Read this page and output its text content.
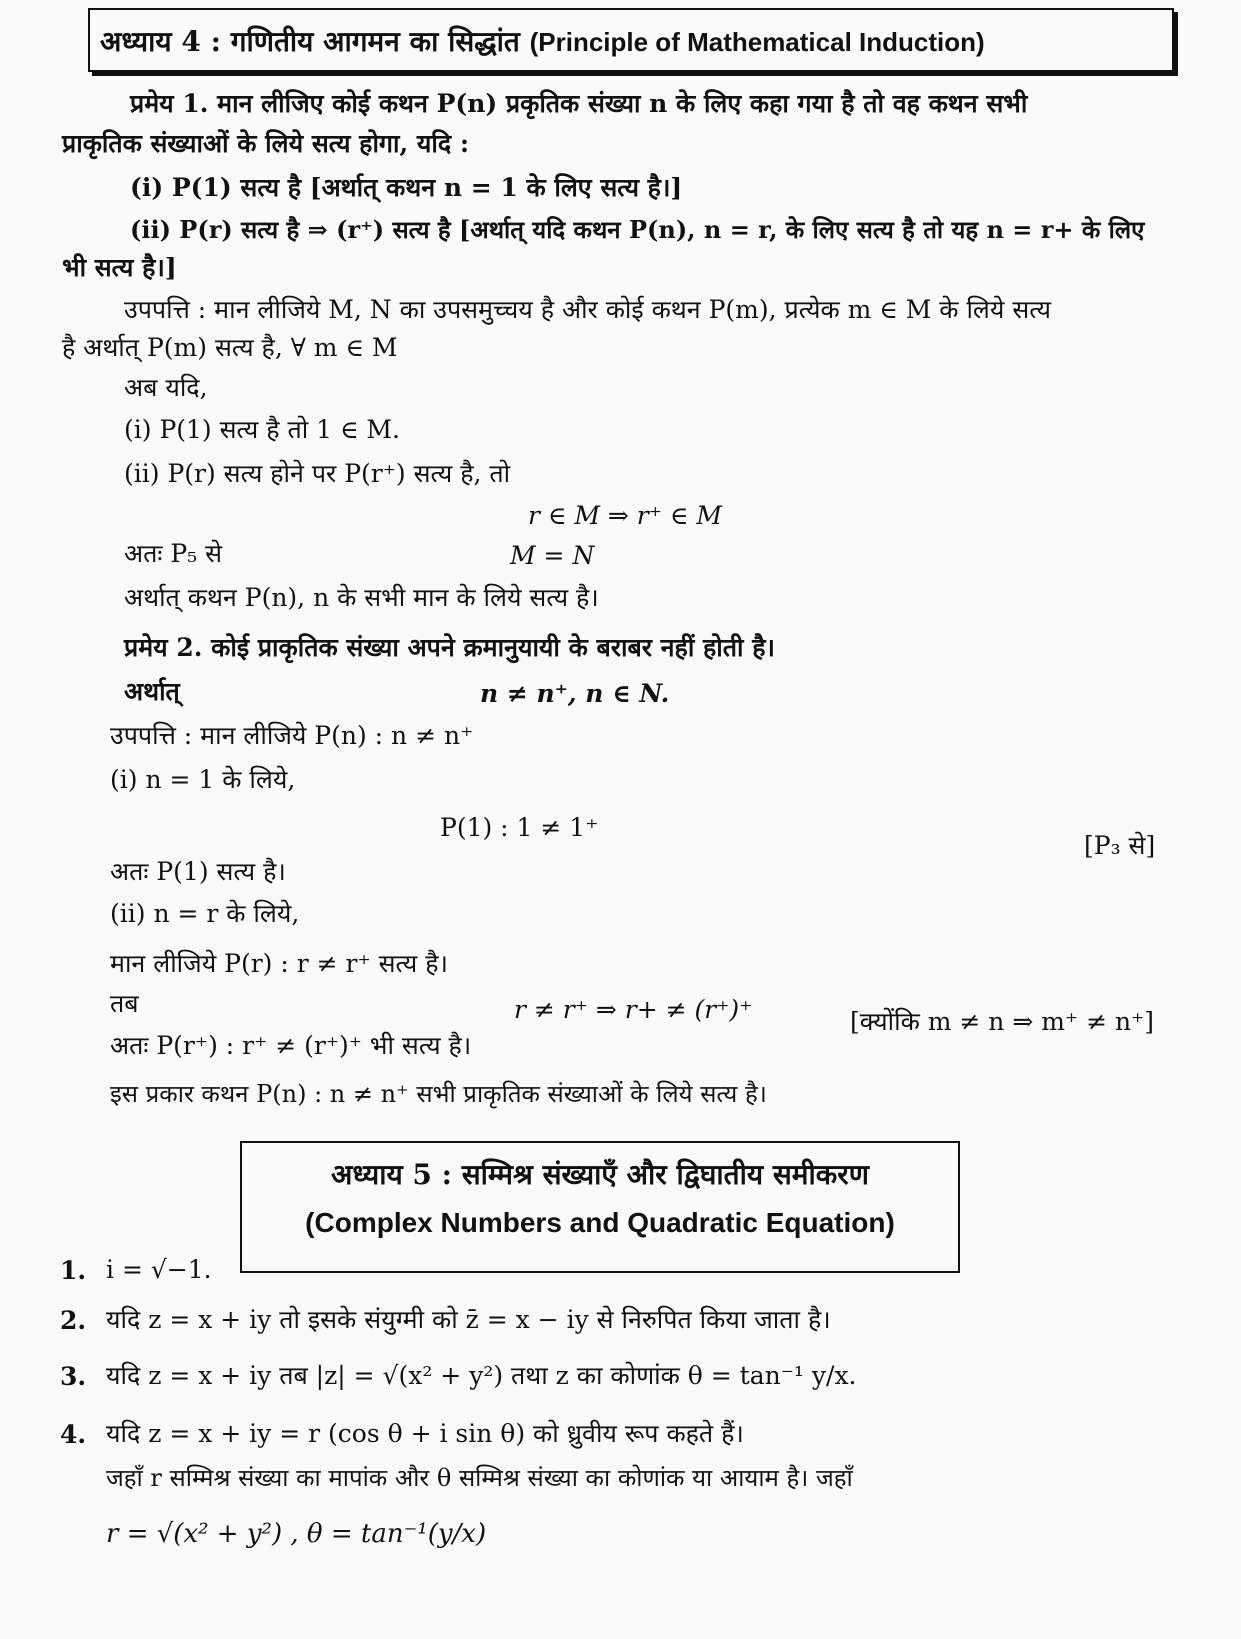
अध्याय 4 : गणितीय आगमन का सिद्धांत (Principle of Mathematical Induction)
प्रमेय 1. मान लीजिए कोई कथन P(n) प्रकृतिक संख्या n के लिए कहा गया है तो वह कथन सभी
प्राकृतिक संख्याओं के लिये सत्य होगा, यदि :
(i) P(1) सत्य है [अर्थात् कथन n = 1 के लिए सत्य है।]
(ii) P(r) सत्य है ⇒ (r⁺) सत्य है [अर्थात् यदि कथन P(n), n = r, के लिए सत्य है तो यह n = r+ के लिए
भी सत्य है।]
उपपत्ति : मान लीजिये M, N का उपसमुच्चय है और कोई कथन P(m), प्रत्येक m ∈ M के लिये सत्य
है अर्थात् P(m) सत्य है, ∀ m ∈ M
अब यदि,
(i) P(1) सत्य है तो 1 ∈ M.
(ii) P(r) सत्य होने पर P(r⁺) सत्य है, तो
r ∈ M ⇒ r⁺ ∈ M
अतः P₅ से	M = N
अर्थात् कथन P(n), n के सभी मान के लिये सत्य है।
प्रमेय 2. कोई प्राकृतिक संख्या अपने क्रमानुयायी के बराबर नहीं होती है।
अर्थात्	n ≠ n⁺, n ∈ N.
उपपत्ति : मान लीजिये P(n) : n ≠ n⁺
(i) n = 1 के लिये,
P(1) : 1 ≠ 1⁺
[P₃ से]
अतः P(1) सत्य है।
(ii) n = r के लिये,
मान लीजिये P(r) : r ≠ r⁺ सत्य है।
तब	r ≠ r⁺ ⇒ r+ ≠ (r⁺)⁺	[क्योंकि m ≠ n ⇒ m⁺ ≠ n⁺]
अतः P(r⁺) : r⁺ ≠ (r⁺)⁺ भी सत्य है।
इस प्रकार कथन P(n) : n ≠ n⁺ सभी प्राकृतिक संख्याओं के लिये सत्य है।
अध्याय 5 : सम्मिश्र संख्याएँ और द्विघातीय समीकरण
(Complex Numbers and Quadratic Equation)
1. i = √−1.
2. यदि z = x + iy तो इसके संयुग्मी को z̄ = x − iy से निरुपित किया जाता है।
3. यदि z = x + iy तब |z| = √(x² + y²) तथा z का कोणांक θ = tan⁻¹ y/x.
4. यदि z = x + iy = r (cos θ + i sin θ) को ध्रुवीय रूप कहते हैं।
जहाँ r सम्मिश्र संख्या का मापांक और θ सम्मिश्र संख्या का कोणांक या आयाम है। जहाँ
r = √(x² + y²) , θ = tan⁻¹(y/x)
